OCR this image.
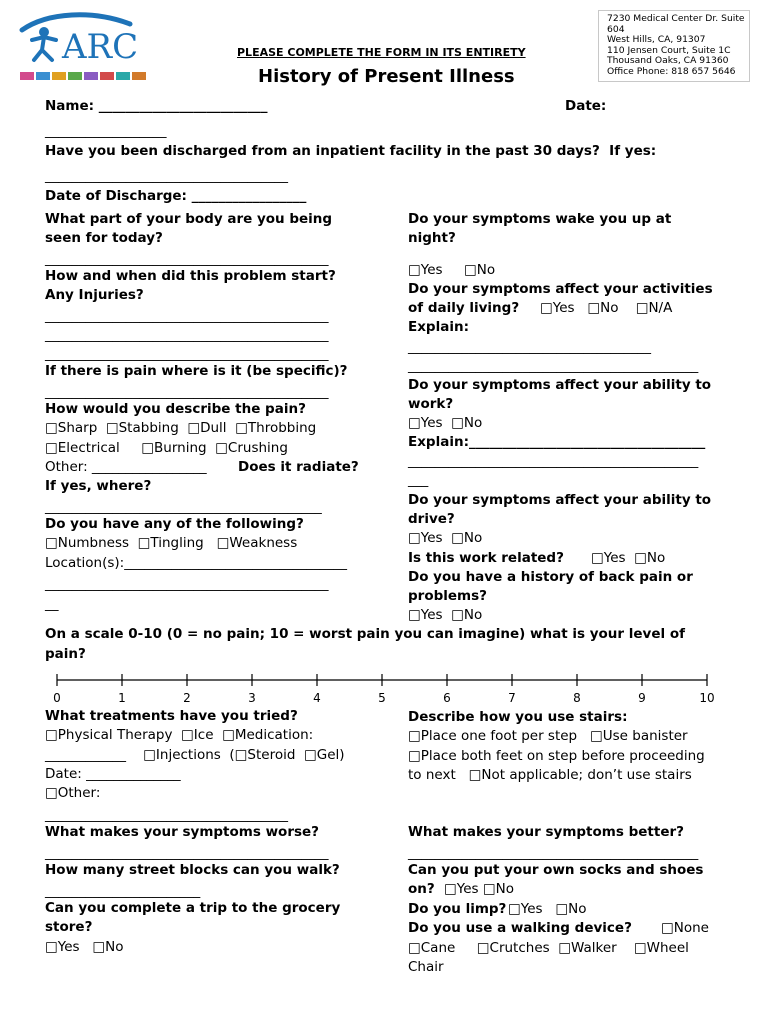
ARC	PLEASE COMPLETE THE FORM IN ITS ENTIRETY
History of Present Illness
7230 Medical Center Dr. Suite
604
West Hills, CA, 91307
110 Jensen Court, Suite 1C
Thousand Oaks, CA 91360
Office Phone: 818 657 5646
Name: _________________________	Date:
__________________
Have you been discharged from an inpatient facility in the past 30 days?  If yes:
____________________________________
Date of Discharge: _________________
What part of your body are you being
seen for today?
__________________________________________
How and when did this problem start?
Any Injuries?
__________________________________________
__________________________________________
__________________________________________
If there is pain where is it (be specific)?
__________________________________________
How would you describe the pain?
□Sharp  □Stabbing  □Dull  □Throbbing
□Electrical     □Burning  □Crushing
Other: _________________ Does it radiate?
If yes, where?
_________________________________________
Do you have any of the following?
□Numbness  □Tingling   □Weakness
Location(s):_________________________________
__________________________________________
__
Do your symptoms wake you up at
night?
□Yes     □No
Do your symptoms affect your activities
of daily living? □Yes   □No    □N/A
Explain:
____________________________________
___________________________________________
Do your symptoms affect your ability to
work?
□Yes  □No
Explain:___________________________________
___________________________________________
___
Do your symptoms affect your ability to
drive?
□Yes  □No
Is this work related? □Yes  □No
Do you have a history of back pain or
problems?
□Yes  □No
On a scale 0-10 (0 = no pain; 10 = worst pain you can imagine) what is your level of
pain?
0	1	2	3	4	5	6	7	8	9	10
What treatments have you tried?
□Physical Therapy  □Ice  □Medication:
____________    □Injections  (□Steroid  □Gel)
Date: ______________
□Other:
____________________________________
What makes your symptoms worse?
__________________________________________
How many street blocks can you walk?
_______________________
Can you complete a trip to the grocery
store?
□Yes   □No
Describe how you use stairs:
□Place one foot per step   □Use banister
□Place both feet on step before proceeding
to next   □Not applicable; don’t use stairs
What makes your symptoms better?
___________________________________________
Can you put your own socks and shoes
on? □Yes □No
Do you limp? □Yes   □No
Do you use a walking device? □None
□Cane     □Crutches  □Walker    □Wheel
Chair
